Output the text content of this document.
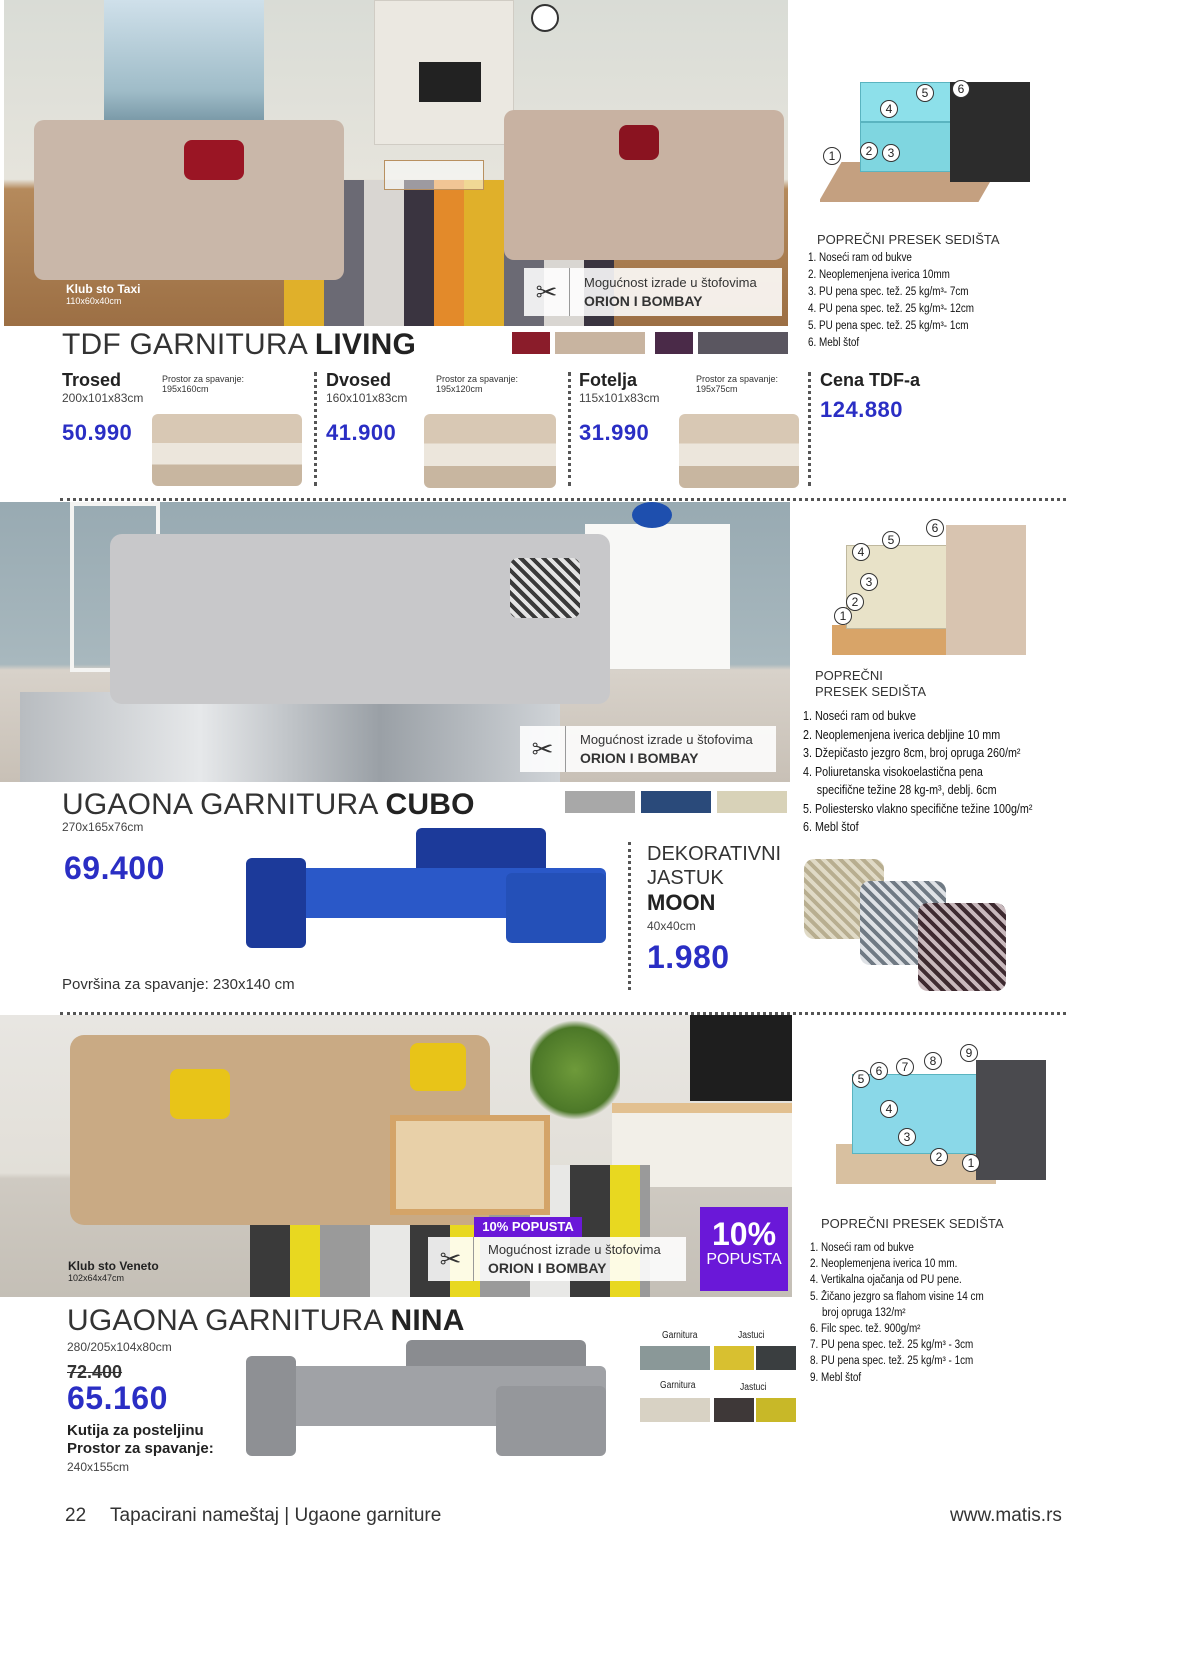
Klub sto Taxi
110x60x40cm	✂	Mogućnost izrade u štofovima
ORION I BOMBAY
1	2	3
4
5	6
POPREČNI PRESEK SEDIŠTA
1. Noseći ram od bukve
2. Neoplemenjena iverica 10mm
3. PU pena spec. tež. 25 kg/m³- 7cm
4. PU pena spec. tež. 25 kg/m³- 12cm
5. PU pena spec. tež. 25 kg/m³- 1cm
6. Mebl štof
TDF GARNITURA LIVING
Trosed
200x101x83cm
Prostor za spavanje:
195x160cm
50.990
Dvosed
160x101x83cm
Prostor za spavanje:
195x120cm
41.900
Fotelja
115x101x83cm
Prostor za spavanje:
195x75cm
31.990
Cena TDF-a
124.880
✂	Mogućnost izrade u štofovima
ORION I BOMBAY
1
2
3
4
5
6
POPREČNI
PRESEK SEDIŠTA
1. Noseći ram od bukve
2. Neoplemenjena iverica debljine 10 mm
3. Džepičasto jezgro 8cm, broj opruga 260/m²
4. Poliuretanska visokoelastična pena
specifične težine 28 kg-m³, deblj. 6cm
5. Poliestersko vlakno specifične težine 100g/m²
6. Mebl štof
UGAONA GARNITURA CUBO
270x165x76cm
69.400
Površina za spavanje: 230x140 cm
DEKORATIVNI
JASTUK
MOON
40x40cm
1.980
Klub sto Veneto
102x64x47cm
10% POPUSTA
✂	Mogućnost izrade u štofovima
ORION I BOMBAY
10%
POPUSTA
1
2
3
4
5
6	7	8
9
POPREČNI PRESEK SEDIŠTA
1. Noseći ram od bukve
2. Neoplemenjena iverica 10 mm.
4. Vertikalna ojačanja od PU pene.
5. Žičano jezgro sa flahom visine 14 cm
broj opruga 132/m²
6. Filc spec. tež. 900g/m²
7. PU pena spec. tež. 25 kg/m³ - 3cm
8. PU pena spec. tež. 25 kg/m³ - 1cm
9. Mebl štof
UGAONA GARNITURA NINA
280/205x104x80cm
72.400
65.160
Kutija za posteljinu
Prostor za spavanje:
240x155cm
Garnitura	Jastuci
Garnitura	Jastuci
22 Tapacirani nameštaj | Ugaone garniture	www.matis.rs
